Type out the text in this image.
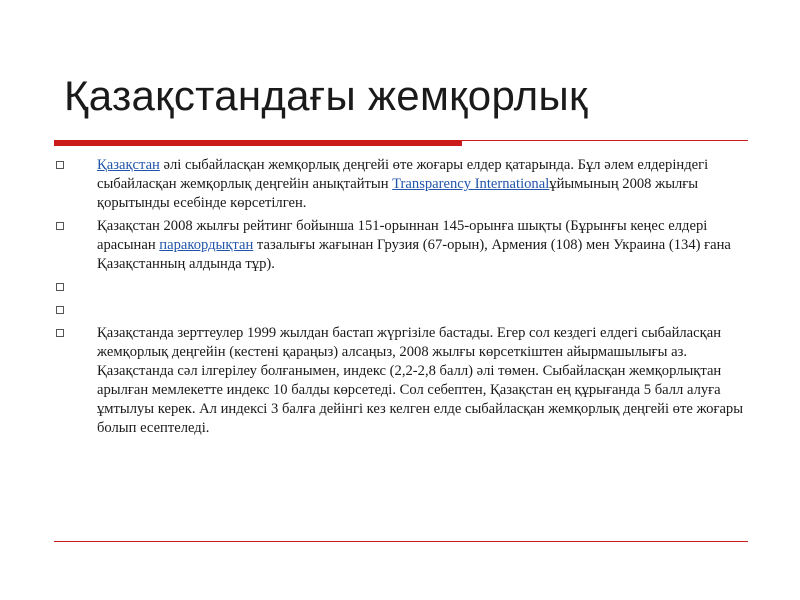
Қазақстандағы жемқорлық
Қазақстан әлі сыбайласқан жемқорлық деңгейі өте жоғары елдер қатарында. Бұл әлем елдеріндегі сыбайласқан жемқорлық деңгейін анықтайтын Transparency Internationalұйымының 2008 жылғы қорытынды есебінде көрсетілген.
Қазақстан 2008 жылғы рейтинг бойынша 151-орыннан 145-орынға шықты (Бұрынғы кеңес елдері арасынан паракордықтан тазалығы жағынан Грузия (67-орын), Армения (108) мен Украина (134) ғана Қазақстанның алдында тұр).
Қазақстанда зерттеулер 1999 жылдан бастап жүргізіле бастады. Егер сол кездегі елдегі сыбайласқан жемқорлық деңгейін (кестені қараңыз) алсаңыз, 2008 жылғы көрсеткіштен айырмашылығы аз. Қазақстанда сәл ілгерілеу болғанымен, индекс (2,2-2,8 балл) әлі төмен. Сыбайласқан жемқорлықтан арылған мемлекетте индекс 10 балды көрсетеді. Сол себептен, Қазақстан ең құрығанда 5 балл алуға ұмтылуы керек. Ал индексі 3 балға дейінгі кез келген елде сыбайласқан жемқорлық деңгейі өте жоғары болып есептеледі.
